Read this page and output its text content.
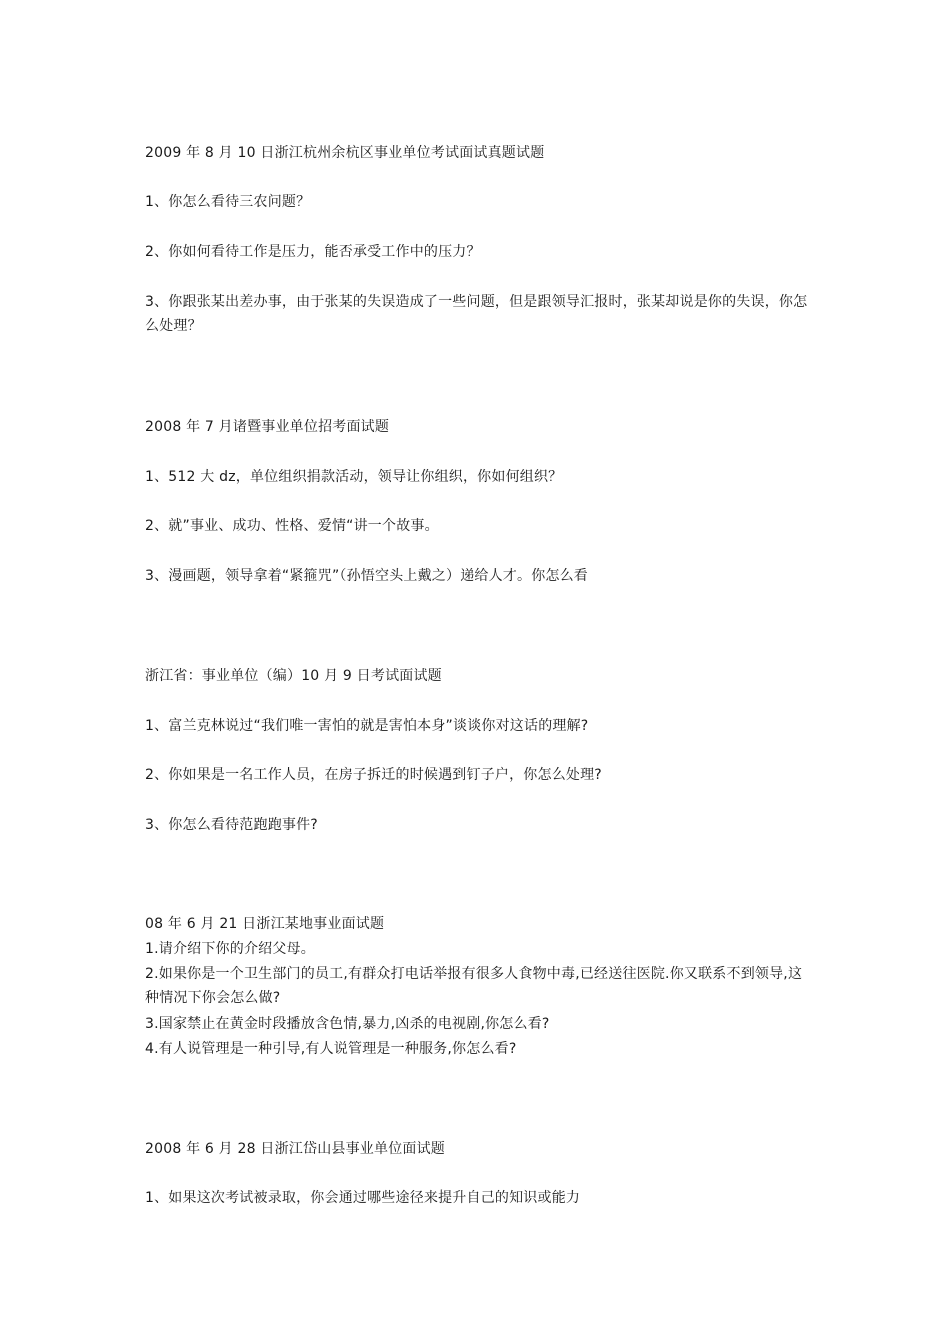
2009 年 8 月 10 日浙江杭州余杭区事业单位考试面试真题试题
1、你怎么看待三农问题？
2、你如何看待工作是压力，能否承受工作中的压力？
3、你跟张某出差办事，由于张某的失误造成了一些问题，但是跟领导汇报时，张某却说是你的失误，你怎么处理？
2008 年 7 月诸暨事业单位招考面试题
1、512 大 dz，单位组织捐款活动，领导让你组织，你如何组织？
2、就”事业、成功、性格、爱情“讲一个故事。
3、漫画题，领导拿着“紧箍咒”（孙悟空头上戴之）递给人才。你怎么看
浙江省：事业单位（编）10 月 9 日考试面试题
1、富兰克林说过“我们唯一害怕的就是害怕本身”谈谈你对这话的理解?
2、你如果是一名工作人员，在房子拆迁的时候遇到钉子户，你怎么处理?
3、你怎么看待范跑跑事件?
08 年 6 月 21 日浙江某地事业面试题
1.请介绍下你的介绍父母。
2.如果你是一个卫生部门的员工,有群众打电话举报有很多人食物中毒,已经送往医院.你又联系不到领导,这种情况下你会怎么做?
3.国家禁止在黄金时段播放含色情,暴力,凶杀的电视剧,你怎么看?
4.有人说管理是一种引导,有人说管理是一种服务,你怎么看?
2008 年 6 月 28 日浙江岱山县事业单位面试题
1、如果这次考试被录取，你会通过哪些途径来提升自己的知识或能力
